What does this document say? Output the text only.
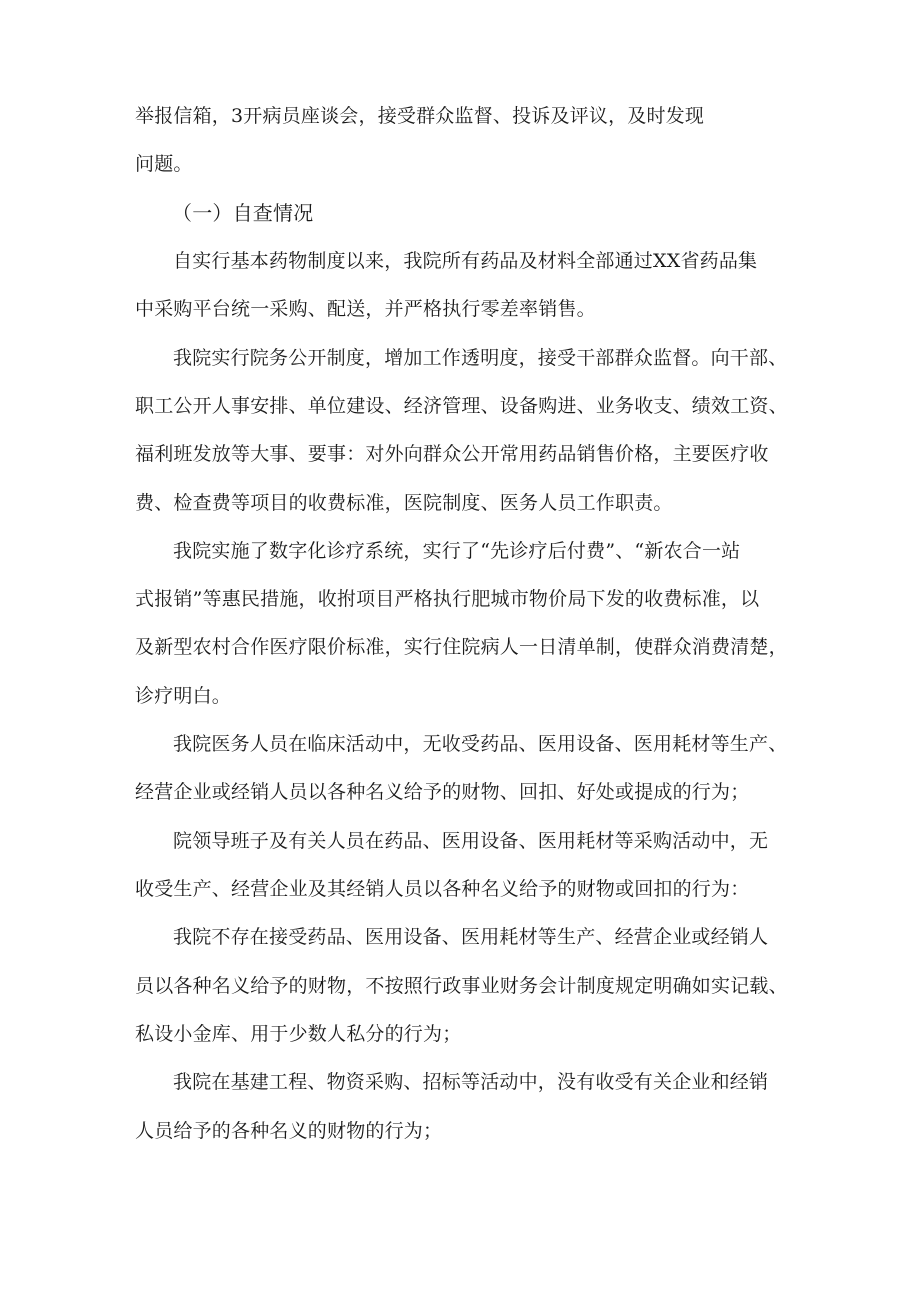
举报信箱，3开病员座谈会，接受群众监督、投诉及评议，及时发现
问题。
（一）自查情况
自实行基本药物制度以来，我院所有药品及材料全部通过XX省药品集
中采购平台统一采购、配送，并严格执行零差率销售。
我院实行院务公开制度，增加工作透明度，接受干部群众监督。向干部、
职工公开人事安排、单位建设、经济管理、设备购进、业务收支、绩效工资、
福利班发放等大事、要事：对外向群众公开常用药品销售价格，主要医疗收
费、检查费等项目的收费标准，医院制度、医务人员工作职责。
我院实施了数字化诊疗系统，实行了“先诊疗后付费”、“新农合一站
式报销”等惠民措施，收拊项目严格执行肥城市物价局下发的收费标准，以
及新型农村合作医疗限价标准，实行住院病人一日清单制，使群众消费清楚，
诊疗明白。
我院医务人员在临床活动中，无收受药品、医用设备、医用耗材等生产、
经营企业或经销人员以各种名义给予的财物、回扣、好处或提成的行为；
院领导班子及有关人员在药品、医用设备、医用耗材等采购活动中，无
收受生产、经营企业及其经销人员以各种名义给予的财物或回扣的行为：
我院不存在接受药品、医用设备、医用耗材等生产、经营企业或经销人
员以各种名义给予的财物，不按照行政事业财务会计制度规定明确如实记载、
私设小金库、用于少数人私分的行为；
我院在基建工程、物资采购、招标等活动中，没有收受有关企业和经销
人员给予的各种名义的财物的行为；
